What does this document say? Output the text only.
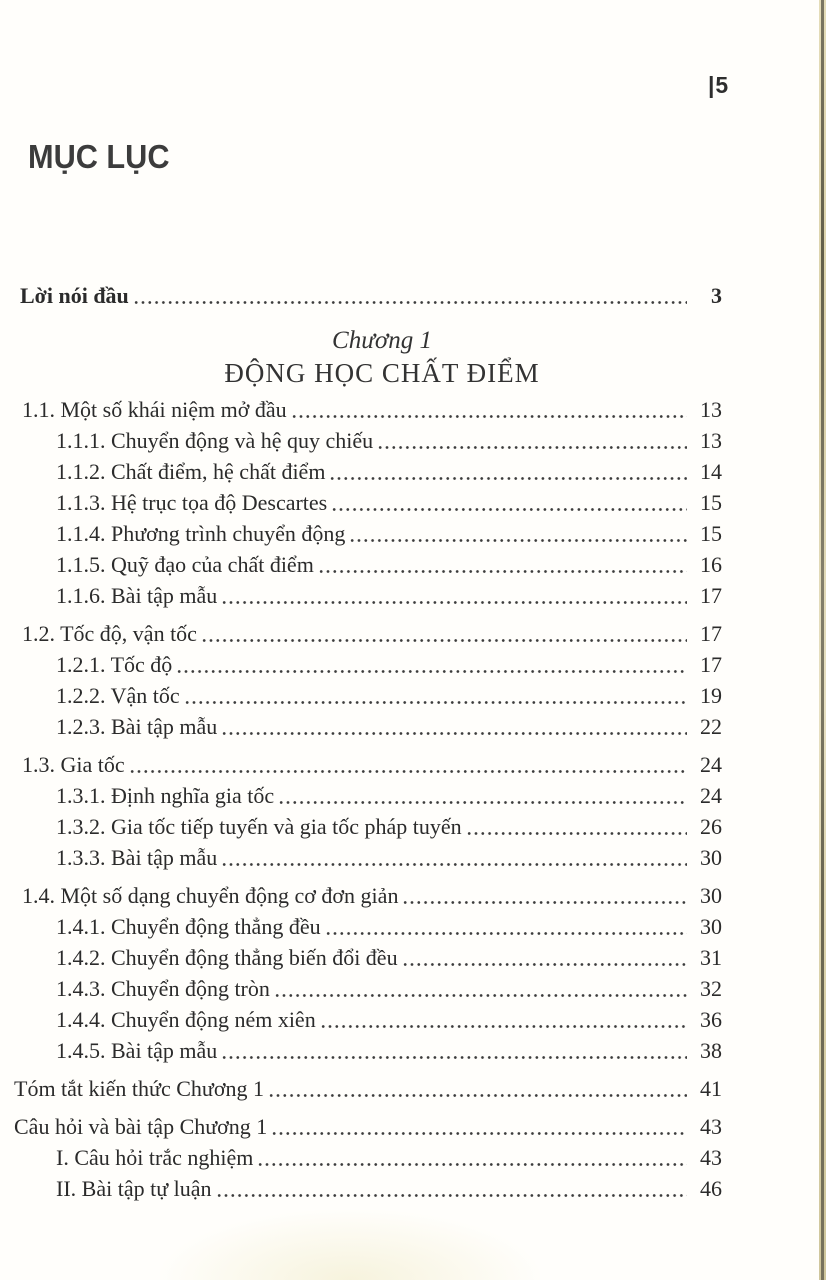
|5
MỤC LỤC
Lời nói đầu	3
Chương 1
ĐỘNG HỌC CHẤT ĐIỂM
1.1. Một số khái niệm mở đầu	13
1.1.1. Chuyển động và hệ quy chiếu	13
1.1.2. Chất điểm, hệ chất điểm	14
1.1.3. Hệ trục tọa độ Descartes	15
1.1.4. Phương trình chuyển động	15
1.1.5. Quỹ đạo của chất điểm	16
1.1.6. Bài tập mẫu	17
1.2. Tốc độ, vận tốc	17
1.2.1. Tốc độ	17
1.2.2. Vận tốc	19
1.2.3. Bài tập mẫu	22
1.3. Gia tốc	24
1.3.1. Định nghĩa gia tốc	24
1.3.2. Gia tốc tiếp tuyến và gia tốc pháp tuyến	26
1.3.3. Bài tập mẫu	30
1.4. Một số dạng chuyển động cơ đơn giản	30
1.4.1. Chuyển động thẳng đều	30
1.4.2. Chuyển động thẳng biến đổi đều	31
1.4.3. Chuyển động tròn	32
1.4.4. Chuyển động ném xiên	36
1.4.5. Bài tập mẫu	38
Tóm tắt kiến thức Chương 1	41
Câu hỏi và bài tập Chương 1	43
I. Câu hỏi trắc nghiệm	43
II. Bài tập tự luận	46
